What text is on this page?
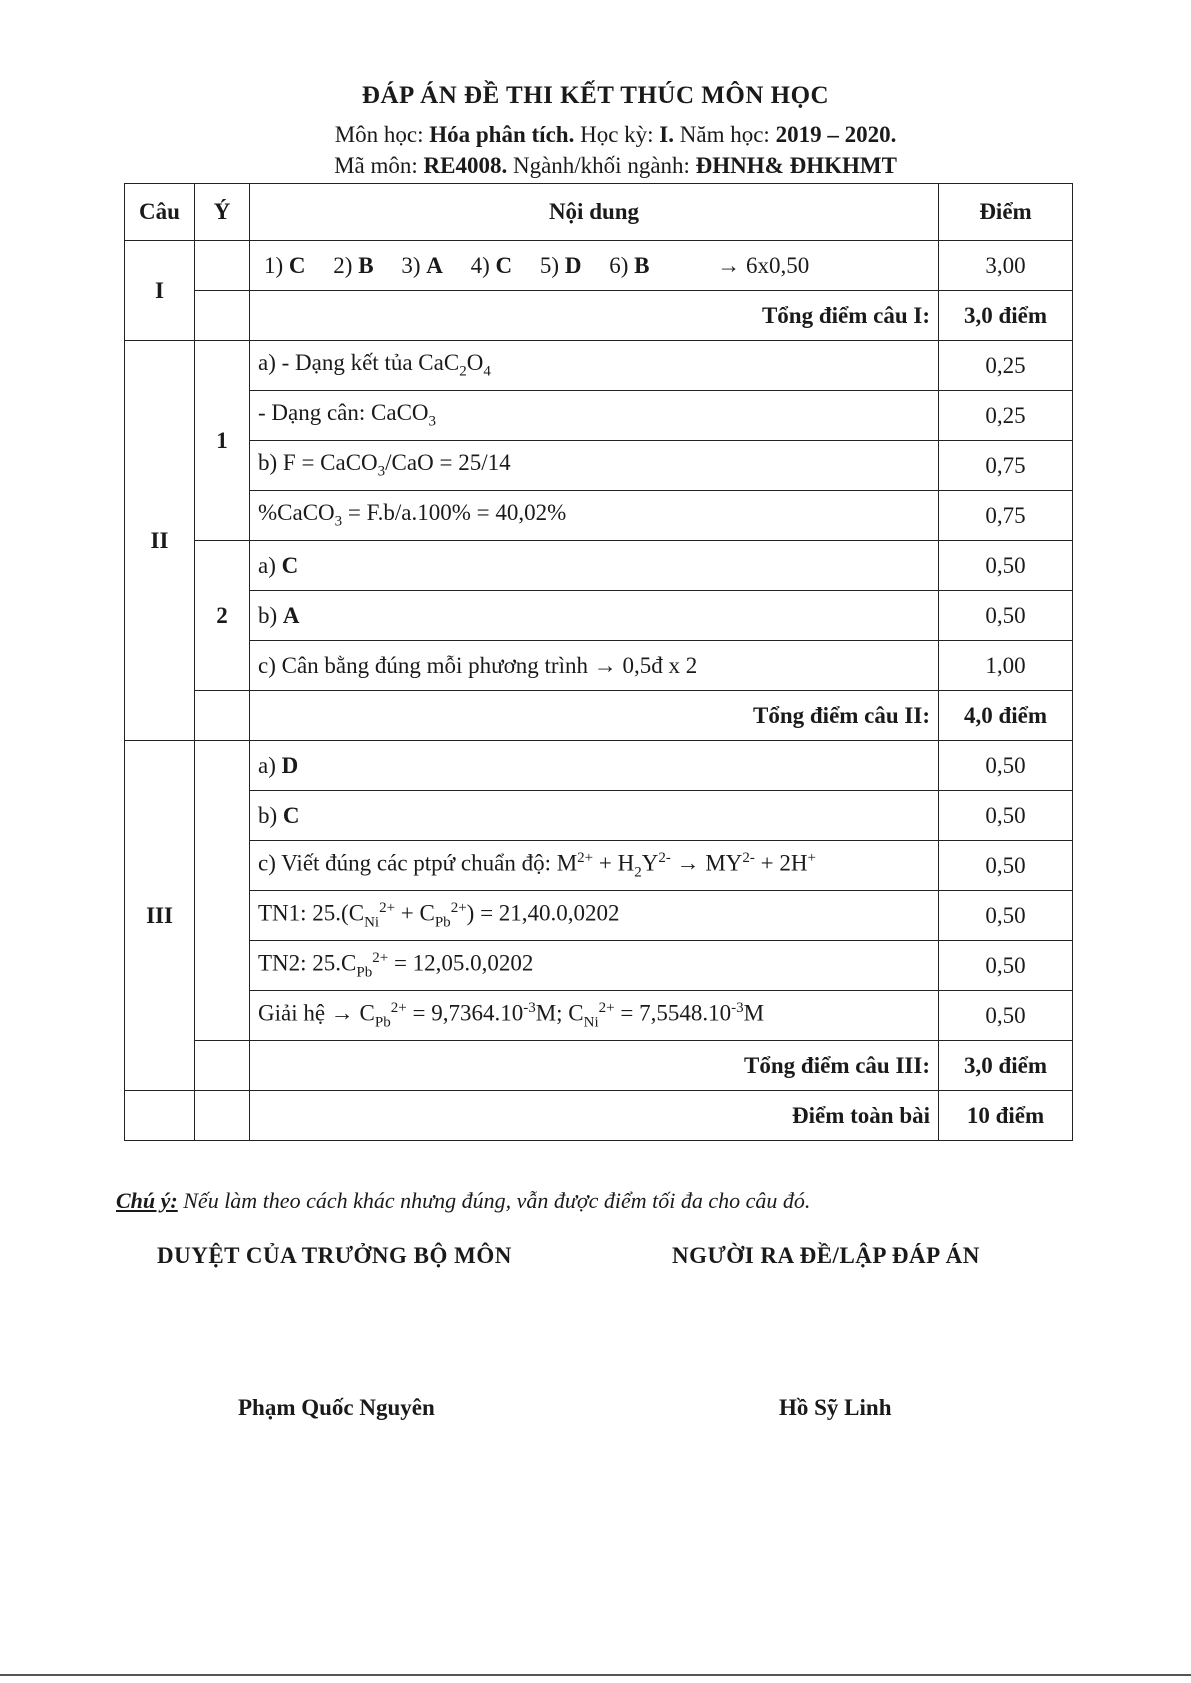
ĐÁP ÁN ĐỀ THI KẾT THÚC MÔN HỌC
Môn học: Hóa phân tích. Học kỳ: I. Năm học: 2019 – 2020.
Mã môn: RE4008. Ngành/khối ngành: ĐHNH& ĐHKHMT
Câu	Ý	Nội dung	Điểm
I		1) C 2) B 3) A 4) C 5) D 6) B → 6x0,50	3,00
		Tổng điểm câu I:	3,0 điểm
II	1	a) - Dạng kết tủa $CaC_2O_4$	0,25
		- Dạng cân: CaCO$_3$	0,25
		b) F = CaCO$_3$/CaO = 25/14	0,75
		%CaCO$_3$ = F.b/a.100% = 40,02%	0,75
	2	a) C	0,50
		b) A	0,50
		c) Cân bằng đúng mỗi phương trình → 0,5đ x 2	1,00
		Tổng điểm câu II:	4,0 điểm
III		a) D	0,50
		b) C	0,50
		c) Viết đúng các ptpứ chuẩn độ: $M^{2+} + H_2Y^{2-} \to MY^{2-} + 2H^+$	0,50
		TN1: $25.(C_{Ni}^{2+} + C_{Pb}^{2+}) = 21,40.0,0202$	0,50
		TN2: $25.C_{Pb}^{2+} = 12,05.0,0202$	0,50
		Giải hệ → $C_{Pb}^{2+} = 9,7364.10^{-3}M$; $C_{Ni}^{2+} = 7,5548.10^{-3}M$	0,50
		Tổng điểm câu III:	3,0 điểm
		Điểm toàn bài	10 điểm
Chú ý: Nếu làm theo cách khác nhưng đúng, vẫn được điểm tối đa cho câu đó.
DUYỆT CỦA TRƯỞNG BỘ MÔN	NGƯỜI RA ĐỀ/LẬP ĐÁP ÁN
Phạm Quốc Nguyên	Hồ Sỹ Linh
